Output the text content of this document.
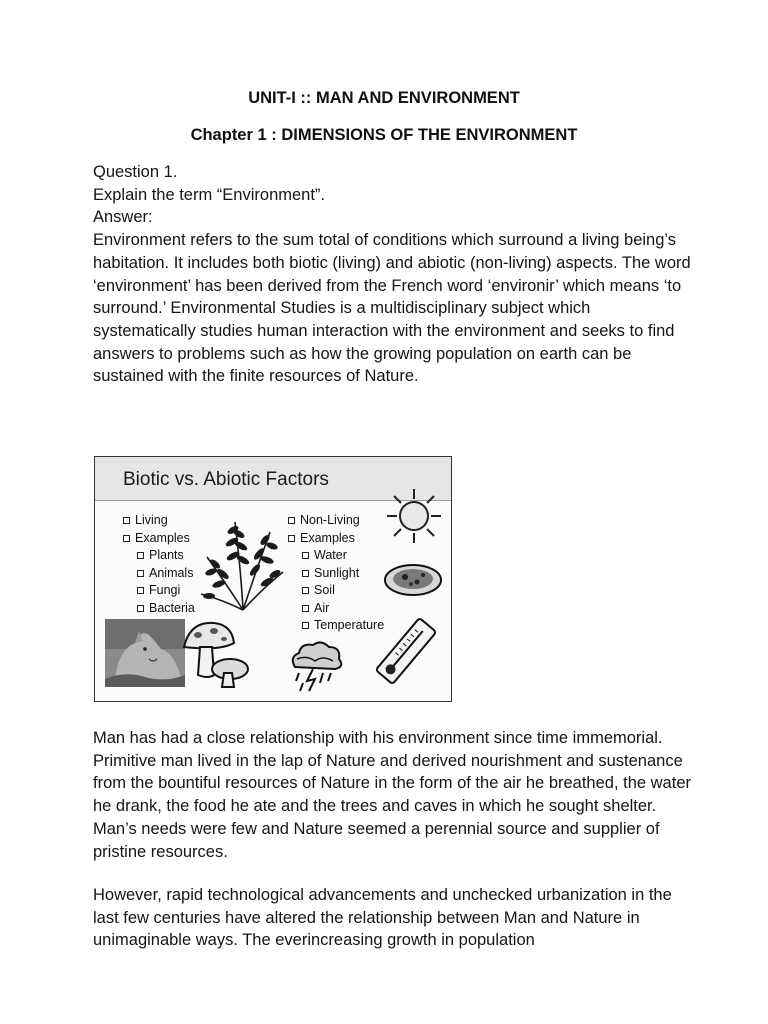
UNIT-I :: MAN AND ENVIRONMENT
Chapter 1 : DIMENSIONS OF THE ENVIRONMENT

Question 1.

Explain the term “Environment”.

Answer:

Environment refers to the sum total of conditions which surround a living being’s habitation. It includes both biotic (living) and abiotic (non-living) aspects. The word ‘environment’ has been derived from the French word ‘environir’ which means ‘to surround.’ Environmental Studies is a multidisciplinary subject which systematically studies human interaction with the environment and seeks to find answers to problems such as how the growing population on earth can be sustained with the finite resources of Nature.

Biotic vs. Abiotic Factors
Living
Examples
Plants
Animals
Fungi
Bacteria
Non-Living
Examples
Water
Sunlight
Soil
Air
Temperature

Man has had a close relationship with his environment since time immemorial. Primitive man lived in the lap of Nature and derived nourishment and sustenance from the bountiful resources of Nature in the form of the air he breathed, the water he drank, the food he ate and the trees and caves in which he sought shelter. Man’s needs were few and Nature seemed a perennial source and supplier of pristine resources.

However, rapid technological advancements and unchecked urbanization in the last few centuries have altered the relationship between Man and Nature in unimaginable ways. The everincreasing growth in population
